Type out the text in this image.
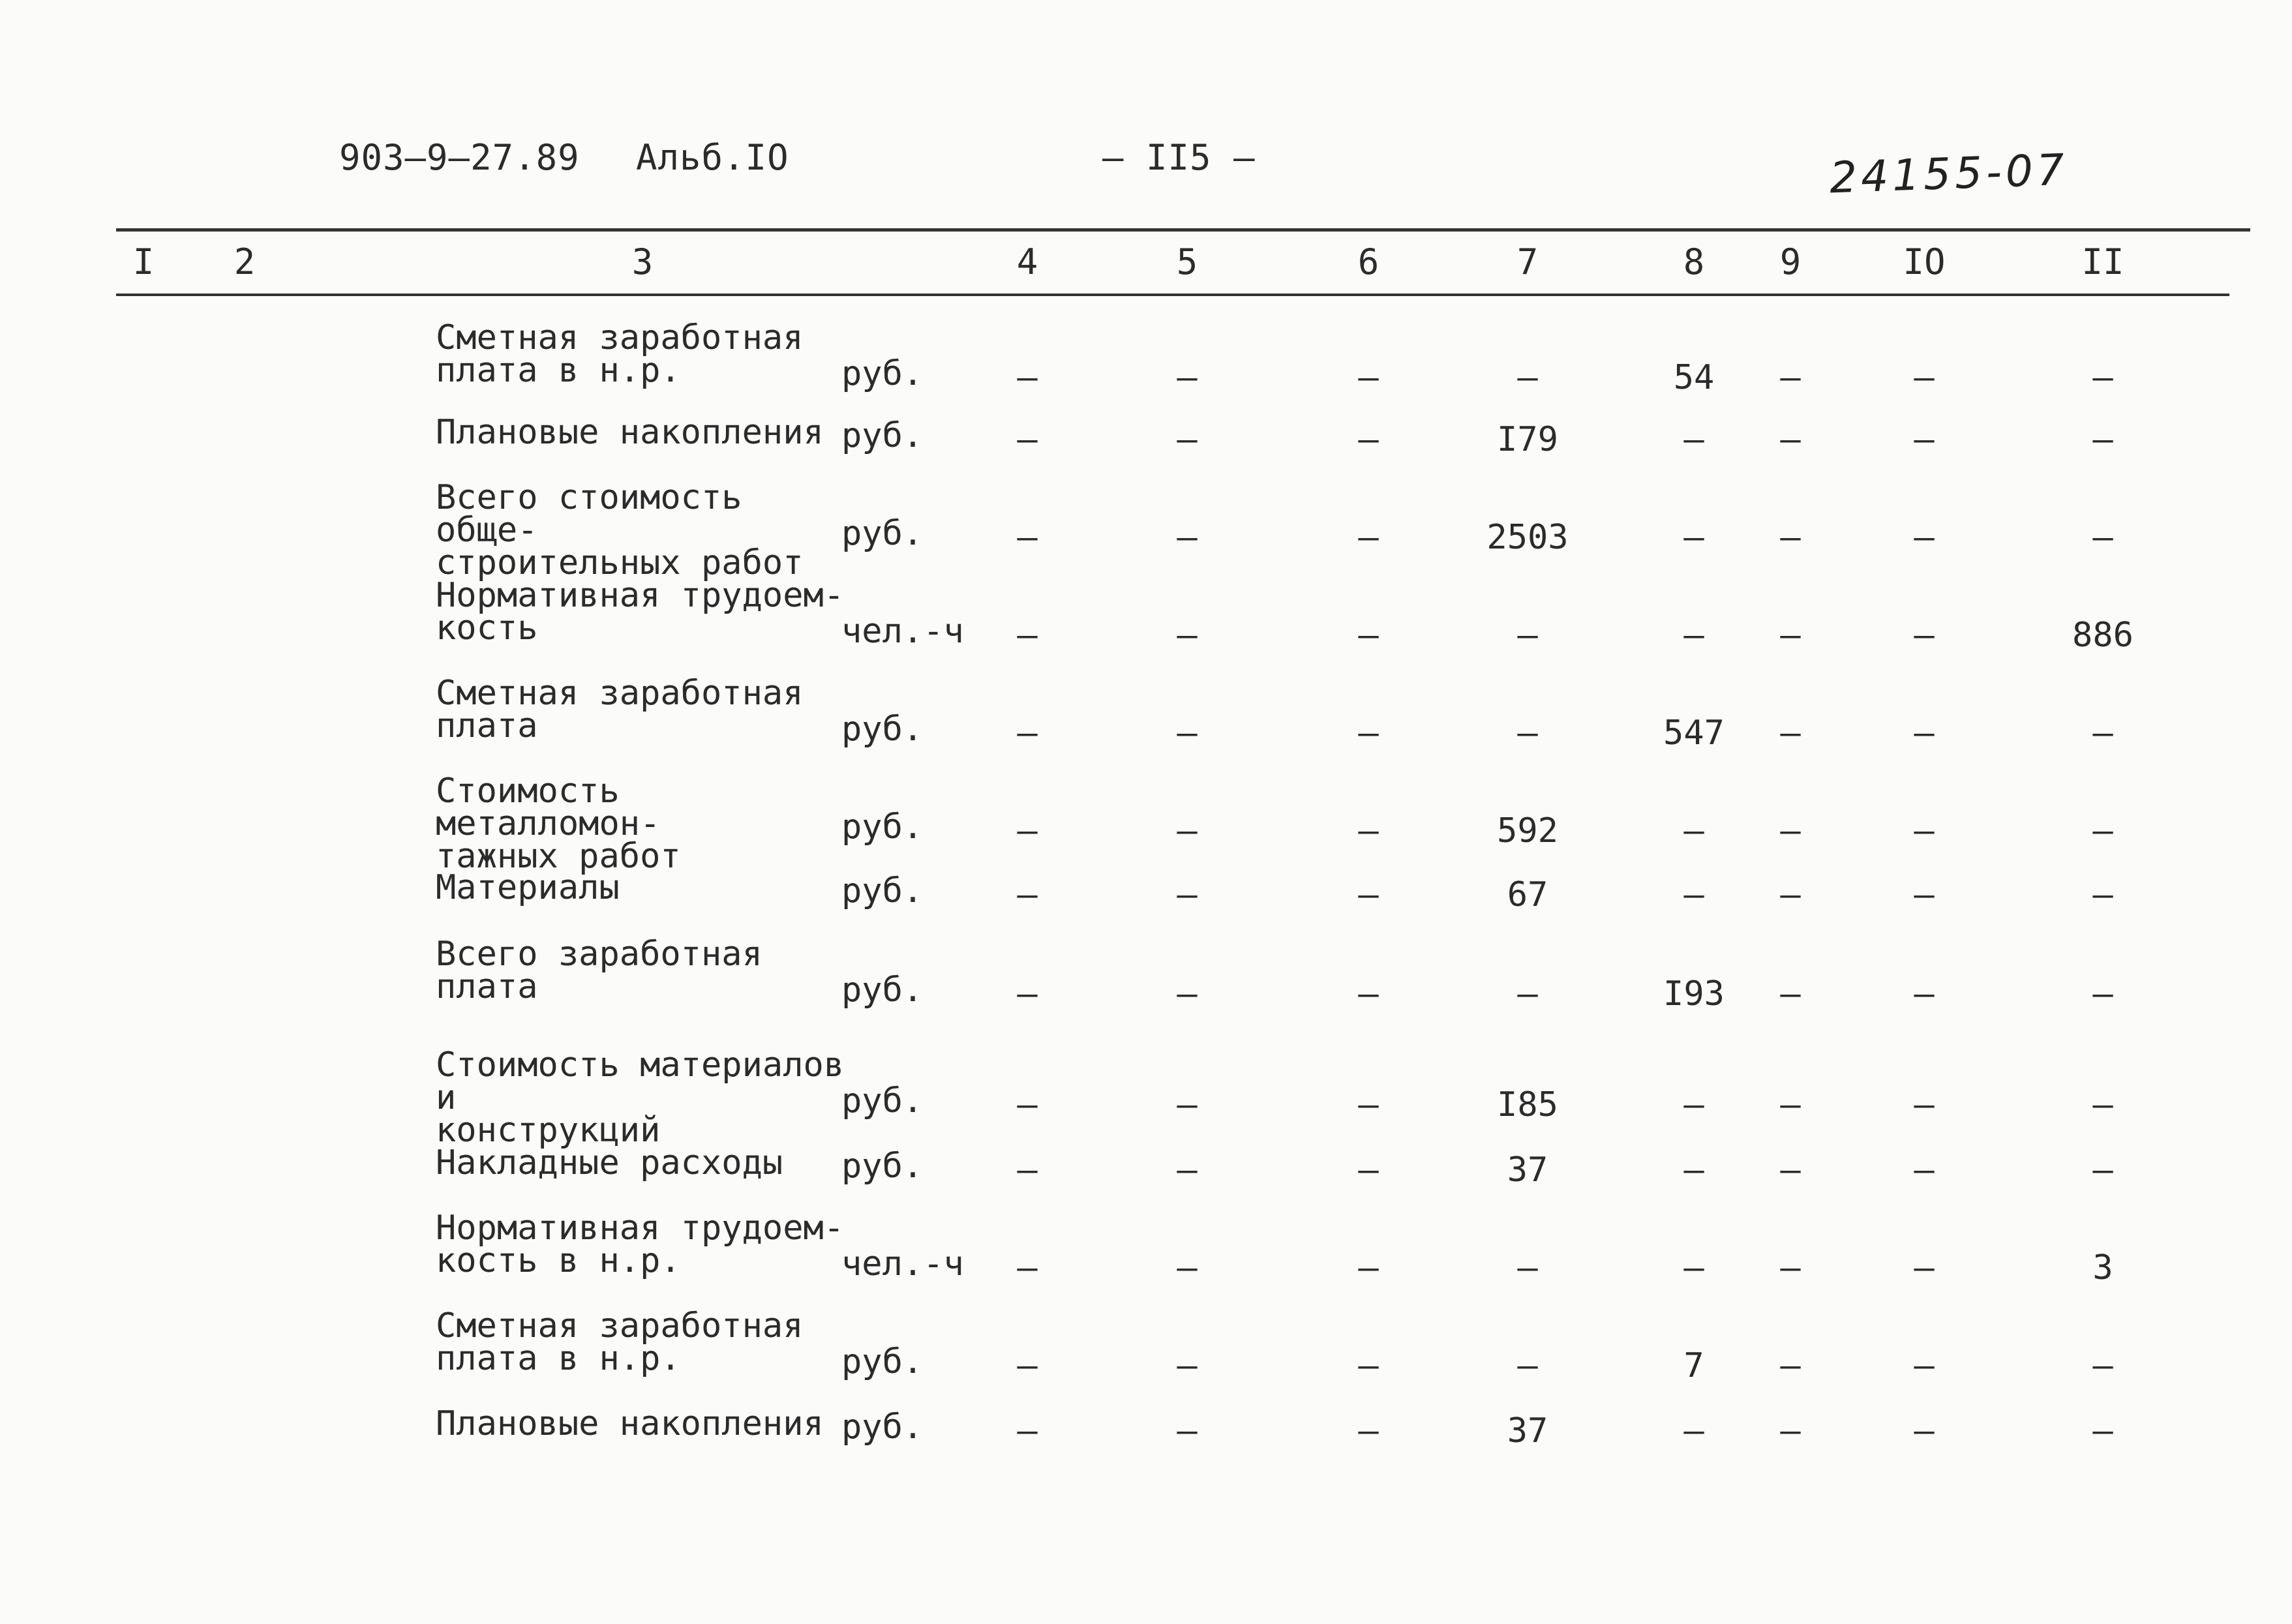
903–9–27.89 Альб.IО	– II5 –	24155-07
I 2	3	4	5	6	7	8 9	IО	II
Сметная заработная
плата в н.р.	руб.	–	–	–	–	54 –	–	–
Плановые накопления руб.	–	–	–	I79	– –	–	–
Всего стоимость обще-
строительных работ
руб.	–	–	–	2503	– –	–	–
Нормативная трудоем-
кость	чел.-ч –	–	–	–	– –	–	886
Сметная заработная
плата	руб.	–	–	–	–	547 –	–	–
Стоимость металломон-
тажных работ
руб.	–	–	–	592	– –	–	–
Материалы	руб.	–	–	–	67	– –	–	–
Всего заработная
плата	руб.	–	–	–	–	I93 –	–	–
Стоимость материалов и
конструкций
руб.	–	–	–	I85	– –	–	–
Накладные расходы	руб.	–	–	–	37	– –	–	–
Нормативная трудоем-
кость в н.р.	чел.-ч –	–	–	–	– –	–	3
Сметная заработная
плата в н.р.	руб.	–	–	–	–	7 –	–	–
Плановые накопления руб.	–	–	–	37	– –	–	–
